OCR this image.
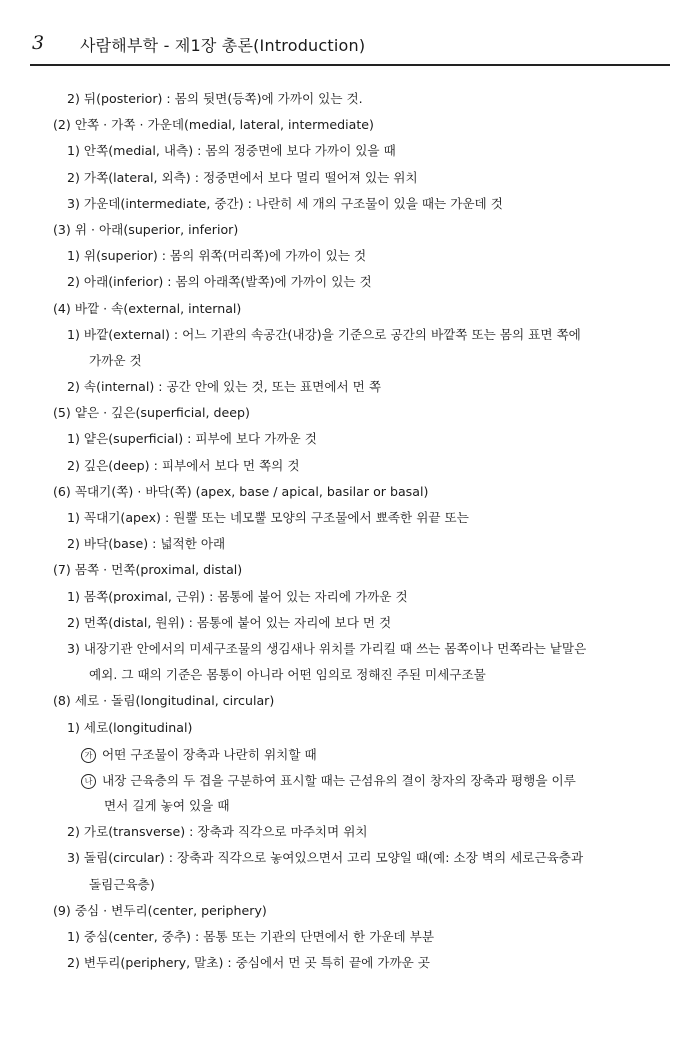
3 사람해부학 - 제1장 총론(Introduction)
2) 뒤(posterior) : 몸의 뒷면(등쪽)에 가까이 있는 것.
(2) 안쪽 · 가쪽 · 가운데(medial, lateral, intermediate)
1) 안쪽(medial, 내측) : 몸의 정중면에 보다 가까이 있을 때
2) 가쪽(lateral, 외측) : 정중면에서 보다 멀리 떨어져 있는 위치
3) 가운데(intermediate, 중간) : 나란히 세 개의 구조물이 있을 때는 가운데 것
(3) 위 · 아래(superior, inferior)
1) 위(superior) : 몸의 위쪽(머리쪽)에 가까이 있는 것
2) 아래(inferior) : 몸의 아래쪽(발쪽)에 가까이 있는 것
(4) 바깥 · 속(external, internal)
1) 바깥(external) : 어느 기관의 속공간(내강)을 기준으로 공간의 바깥쪽 또는 몸의 표면 쪽에
가까운 것
2) 속(internal) : 공간 안에 있는 것, 또는 표면에서 먼 쪽
(5) 얕은 · 깊은(superficial, deep)
1) 얕은(superficial) : 피부에 보다 가까운 것
2) 깊은(deep) : 피부에서 보다 먼 쪽의 것
(6) 꼭대기(쪽) · 바닥(쪽) (apex, base / apical, basilar or basal)
1) 꼭대기(apex) : 원뿔 또는 네모뿔 모양의 구조물에서 뾰족한 위끝 또는
2) 바닥(base) : 넓적한 아래
(7) 몸쪽 · 먼쪽(proximal, distal)
1) 몸쪽(proximal, 근위) : 몸통에 붙어 있는 자리에 가까운 것
2) 먼쪽(distal, 원위) : 몸통에 붙어 있는 자리에 보다 먼 것
3) 내장기관 안에서의 미세구조물의 생김새나 위치를 가리킬 때 쓰는 몸쪽이나 먼쪽라는 낱말은
예외. 그 때의 기준은 몸통이 아니라 어떤 임의로 정해진 주된 미세구조물
(8) 세로 · 돌림(longitudinal, circular)
1) 세로(longitudinal)
가 어떤 구조물이 장축과 나란히 위치할 때
나 내장 근육층의 두 겹을 구분하여 표시할 때는 근섬유의 결이 창자의 장축과 평행을 이루
면서 길게 놓여 있을 때
2) 가로(transverse) : 장축과 직각으로 마주치며 위치
3) 돌림(circular) : 장축과 직각으로 놓여있으면서 고리 모양일 때(예: 소장 벽의 세로근육층과
돌림근육층)
(9) 중심 · 변두리(center, periphery)
1) 중심(center, 중추) : 몸통 또는 기관의 단면에서 한 가운데 부분
2) 변두리(periphery, 말초) : 중심에서 먼 곳 특히 끝에 가까운 곳
